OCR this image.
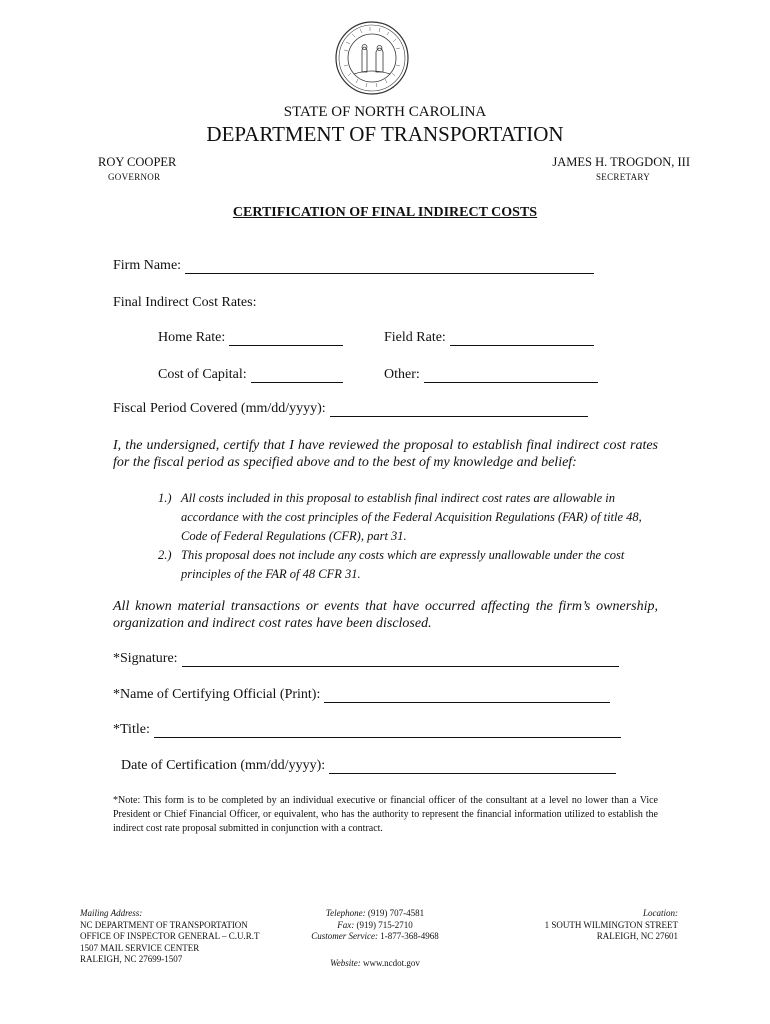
STATE OF NORTH CAROLINA
DEPARTMENT OF TRANSPORTATION
ROY COOPER
GOVERNOR
JAMES H. TROGDON, III
SECRETARY
CERTIFICATION OF FINAL INDIRECT COSTS
Firm Name:
Final Indirect Cost Rates:
Home Rate:	Field Rate:
Cost of Capital:	Other:
Fiscal Period Covered (mm/dd/yyyy):
I, the undersigned, certify that I have reviewed the proposal to establish final indirect cost rates for the fiscal period as specified above and to the best of my knowledge and belief:
1.) All costs included in this proposal to establish final indirect cost rates are allowable in accordance with the cost principles of the Federal Acquisition Regulations (FAR) of title 48, Code of Federal Regulations (CFR), part 31.
2.) This proposal does not include any costs which are expressly unallowable under the cost principles of the FAR of 48 CFR 31.
All known material transactions or events that have occurred affecting the firm’s ownership, organization and indirect cost rates have been disclosed.
*Signature:
*Name of Certifying Official (Print):
*Title:
Date of Certification (mm/dd/yyyy):
*Note: This form is to be completed by an individual executive or financial officer of the consultant at a level no lower than a Vice President or Chief Financial Officer, or equivalent, who has the authority to represent the financial information utilized to establish the indirect cost rate proposal submitted in conjunction with a contract.
Mailing Address:
NC DEPARTMENT OF TRANSPORTATION
OFFICE OF INSPECTOR GENERAL – C.U.R.T
1507 MAIL SERVICE CENTER
RALEIGH, NC 27699-1507
Telephone: (919) 707-4581
Fax: (919) 715-2710
Customer Service: 1-877-368-4968
Website: www.ncdot.gov
Location:
1 SOUTH WILMINGTON STREET
RALEIGH, NC 27601
